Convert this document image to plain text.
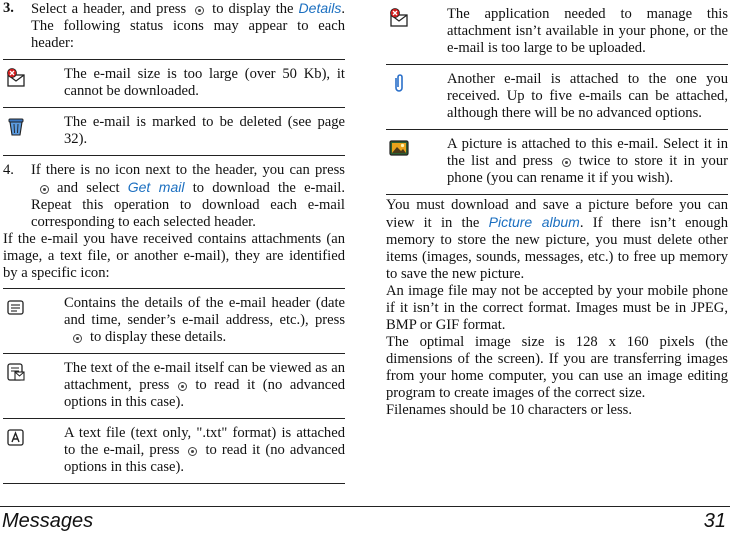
3.	Select a header, and press to display the Details. The following status icons may appear to each header:
	The e-mail size is too large (over 50 Kb), it cannot be downloaded.

	The e-mail is marked to be deleted (see page 32).
4.	If there is no icon next to the header, you can pressand select Get mail to download the e-mail. Repeat this operation to download each e-mail corresponding to each selected header.

If the e-mail you have received contains attachments (an image, a text file, or another e-mail), they are identified by a specific icon:

	Contains the details of the e-mail header (date and time, sender’s e-mail address, etc.), pressto display these details.

	The text of the e-mail itself can be viewed as an attachment, press to read it (no advanced options in this case).

	A text file (text only, ".txt" format) is attached to the e-mail, press to read it (no advanced options in this case).
	The application needed to manage this attachment isn’t available in your phone, or the e-mail is too large to be uploaded.

	Another e-mail is attached to the one you received. Up to five e-mails can be attached, although there will be no advanced options.

	A picture is attached to this e-mail. Select it in the list and press twice to store it in your phone (you can rename it if you wish).

You must download and save a picture before you can view it in the Picture album. If there isn’t enough memory to store the new picture, you must delete other items (images, sounds, messages, etc.) to free up memory to save the new picture.

An image file may not be accepted by your mobile phone if it isn’t in the correct format. Images must be in JPEG, BMP or GIF format.

The optimal image size is 128 x 160 pixels (the dimensions of the screen). If you are transferring images from your home computer, you can use an image editing program to create images of the correct size.

Filenames should be 10 characters or less.

Messages	31
